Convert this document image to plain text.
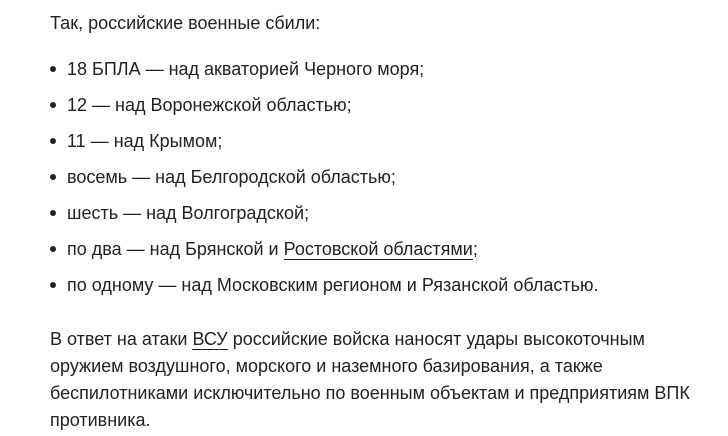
Так, российские военные сбили:

18 БПЛА — над акваторией Черного моря;
12 — над Воронежской областью;
11 — над Крымом;
восемь — над Белгородской областью;
шесть — над Волгоградской;
по два — над Брянской и Ростовской областями;
по одному — над Московским регионом и Рязанской областью.

В ответ на атаки ВСУ российские войска наносят удары высокоточным оружием воздушного, морского и наземного базирования, а также беспилотниками исключительно по военным объектам и предприятиям ВПК противника.
